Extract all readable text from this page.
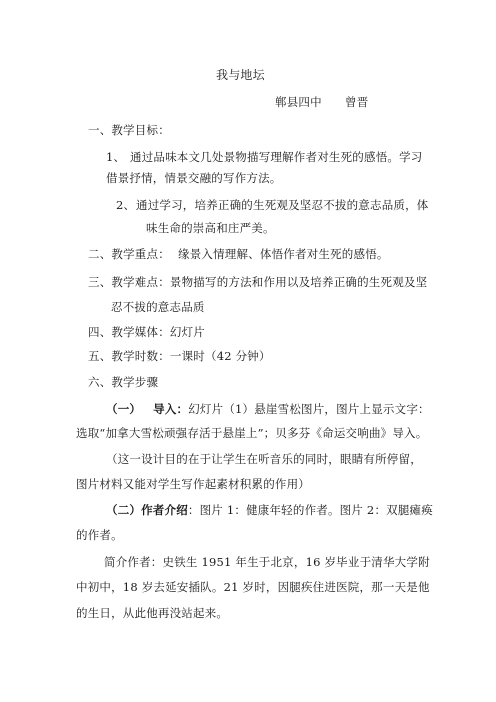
我与地坛
郸县四中 曾晋
一、教学目标：
1、 通过品味本文几处景物描写理解作者对生死的感悟。学习
借景抒情，情景交融的写作方法。
2、 通过学习，培养正确的生死观及坚忍不拔的意志品质，体
味生命的崇高和庄严美。
二、教学重点： 缘景入情理解、体悟作者对生死的感悟。
三、教学难点：景物描写的方法和作用以及培养正确的生死观及坚
忍不拔的意志品质
四、教学媒体：幻灯片
五、教学时数：一课时（42 分钟）
六、教学步骤
（一） 导入：幻灯片（1）悬崖雪松图片，图片上显示文字：
选取“加拿大雪松顽强存活于悬崖上”；贝多芬《命运交响曲》导入。
（这一设计目的在于让学生在听音乐的同时，眼睛有所停留，
图片材料又能对学生写作起素材积累的作用）
（二）作者介绍：图片 1：健康年轻的作者。图片 2：双腿瘫痪
的作者。
简介作者：史铁生 1951 年生于北京，16 岁毕业于清华大学附
中初中，18 岁去延安插队。21 岁时，因腿疾住进医院，那一天是他
的生日，从此他再没站起来。
